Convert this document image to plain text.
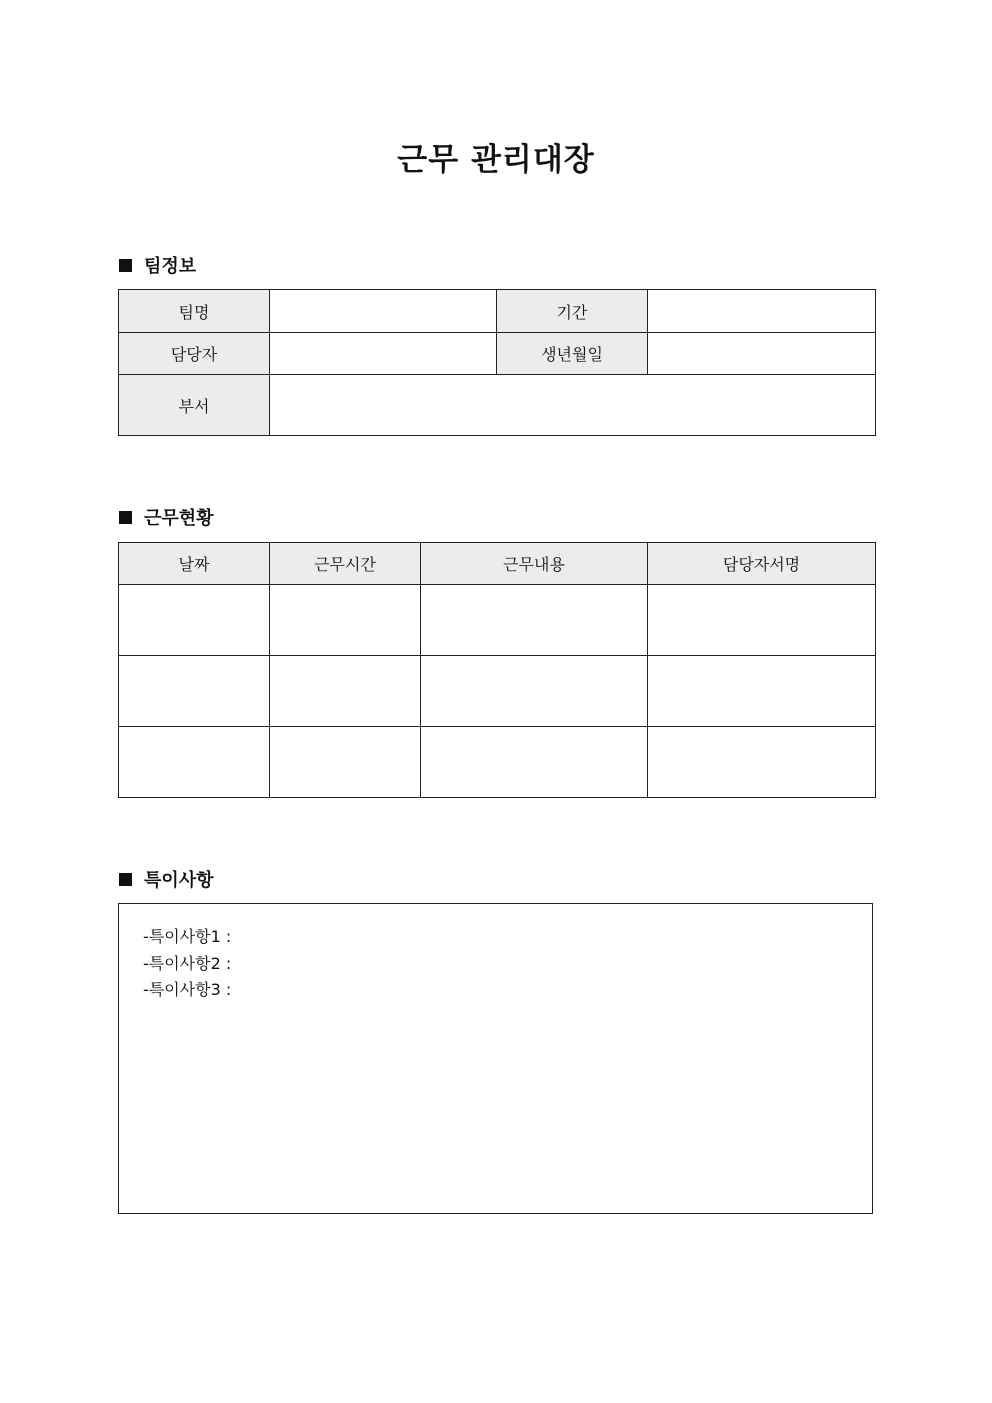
근무 관리대장
팀정보
팀명		기간	
담당자		생년월일	
부서			
근무현황
날짜	근무시간	근무내용	담당자서명

특이사항

-특이사항1 :

-특이사항2 :

-특이사항3 :
